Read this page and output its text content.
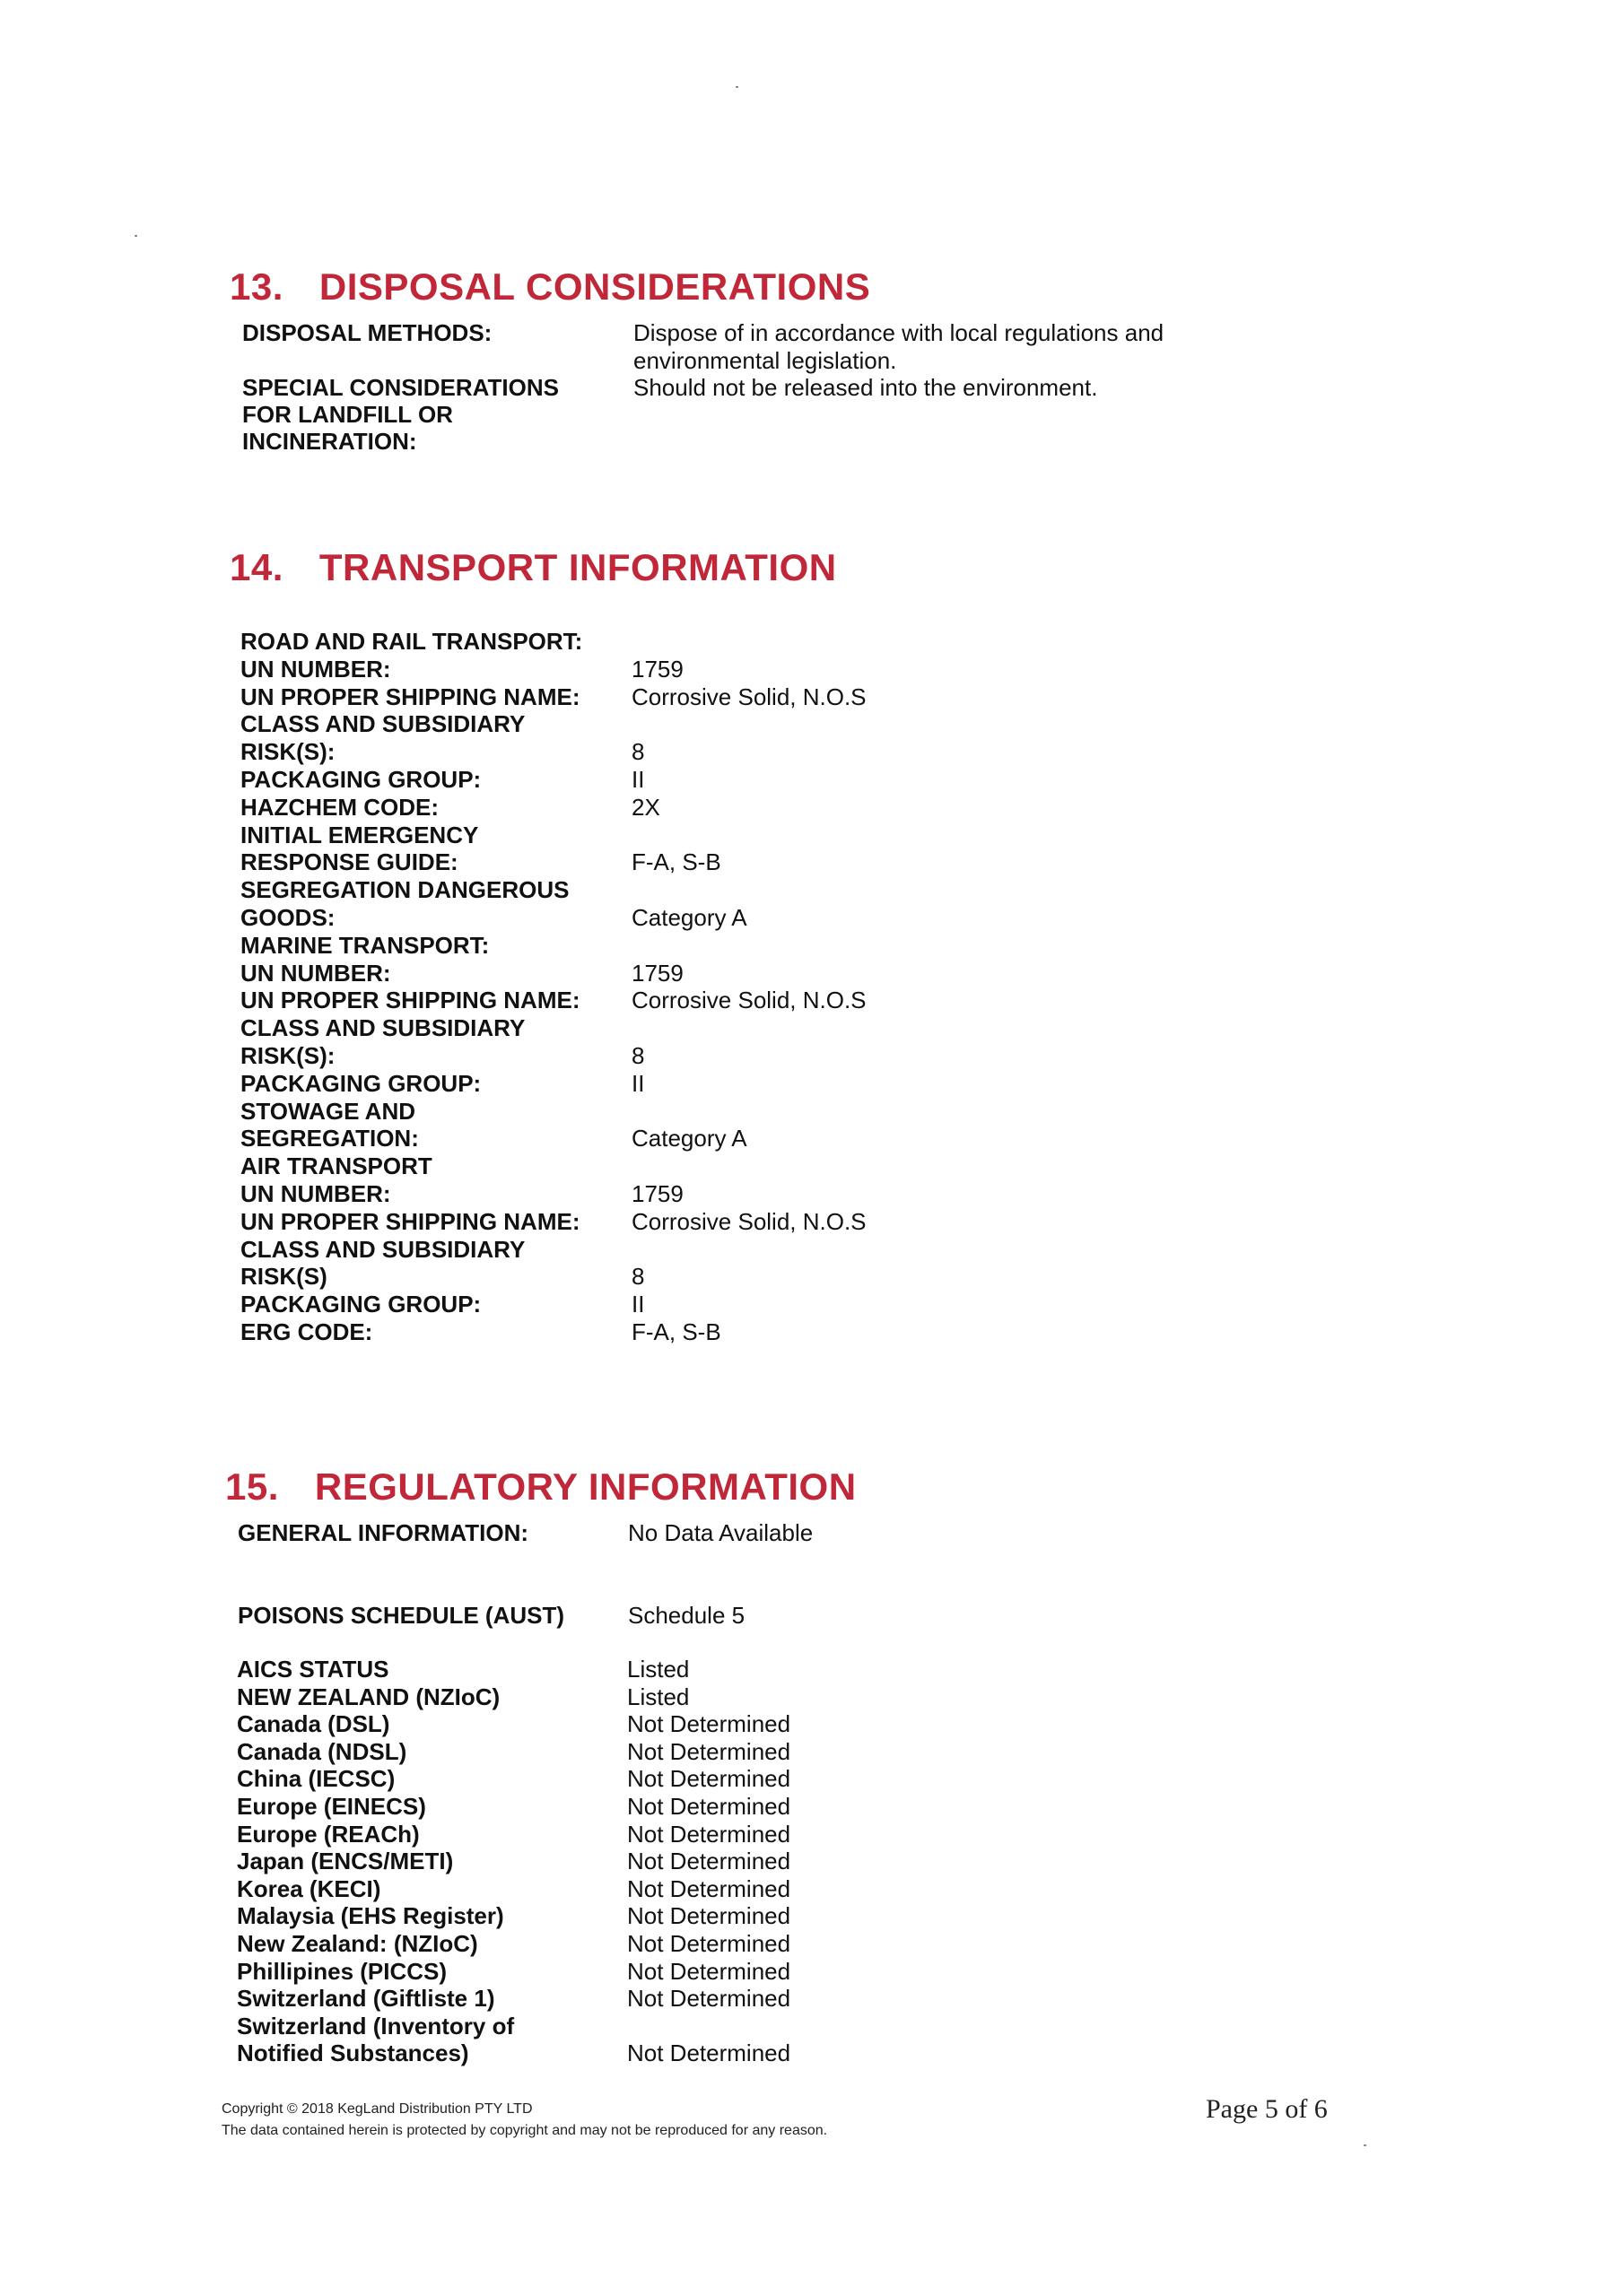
13. DISPOSAL CONSIDERATIONS
DISPOSAL METHODS:	Dispose of in accordance with local regulations and
environmental legislation.
SPECIAL CONSIDERATIONS	Should not be released into the environment.
FOR LANDFILL OR
INCINERATION:
14. TRANSPORT INFORMATION
ROAD AND RAIL TRANSPORT:
UN NUMBER:	1759
UN PROPER SHIPPING NAME: Corrosive Solid, N.O.S
CLASS AND SUBSIDIARY
RISK(S):	8
PACKAGING GROUP:	II
HAZCHEM CODE:	2X
INITIAL EMERGENCY
RESPONSE GUIDE:	F-A, S-B
SEGREGATION DANGEROUS
GOODS:	Category A
MARINE TRANSPORT:
UN NUMBER:	1759
UN PROPER SHIPPING NAME: Corrosive Solid, N.O.S
CLASS AND SUBSIDIARY
RISK(S):	8
PACKAGING GROUP:	II
STOWAGE AND
SEGREGATION:	Category A
AIR TRANSPORT
UN NUMBER:	1759
UN PROPER SHIPPING NAME: Corrosive Solid, N.O.S
CLASS AND SUBSIDIARY
RISK(S)	8
PACKAGING GROUP:	II
ERG CODE:	F-A, S-B
15. REGULATORY INFORMATION
GENERAL INFORMATION:	No Data Available
POISONS SCHEDULE (AUST)	Schedule 5
AICS STATUS	Listed
NEW ZEALAND (NZIoC)	Listed
Canada (DSL)	Not Determined
Canada (NDSL)	Not Determined
China (IECSC)	Not Determined
Europe (EINECS)	Not Determined
Europe (REACh)	Not Determined
Japan (ENCS/METI)	Not Determined
Korea (KECI)	Not Determined
Malaysia (EHS Register)	Not Determined
New Zealand: (NZIoC)	Not Determined
Phillipines (PICCS)	Not Determined
Switzerland (Giftliste 1)	Not Determined
Switzerland (Inventory of
Notified Substances)	Not Determined
Copyright © 2018 KegLand Distribution PTY LTD
The data contained herein is protected by copyright and may not be reproduced for any reason.
Page 5 of 6
